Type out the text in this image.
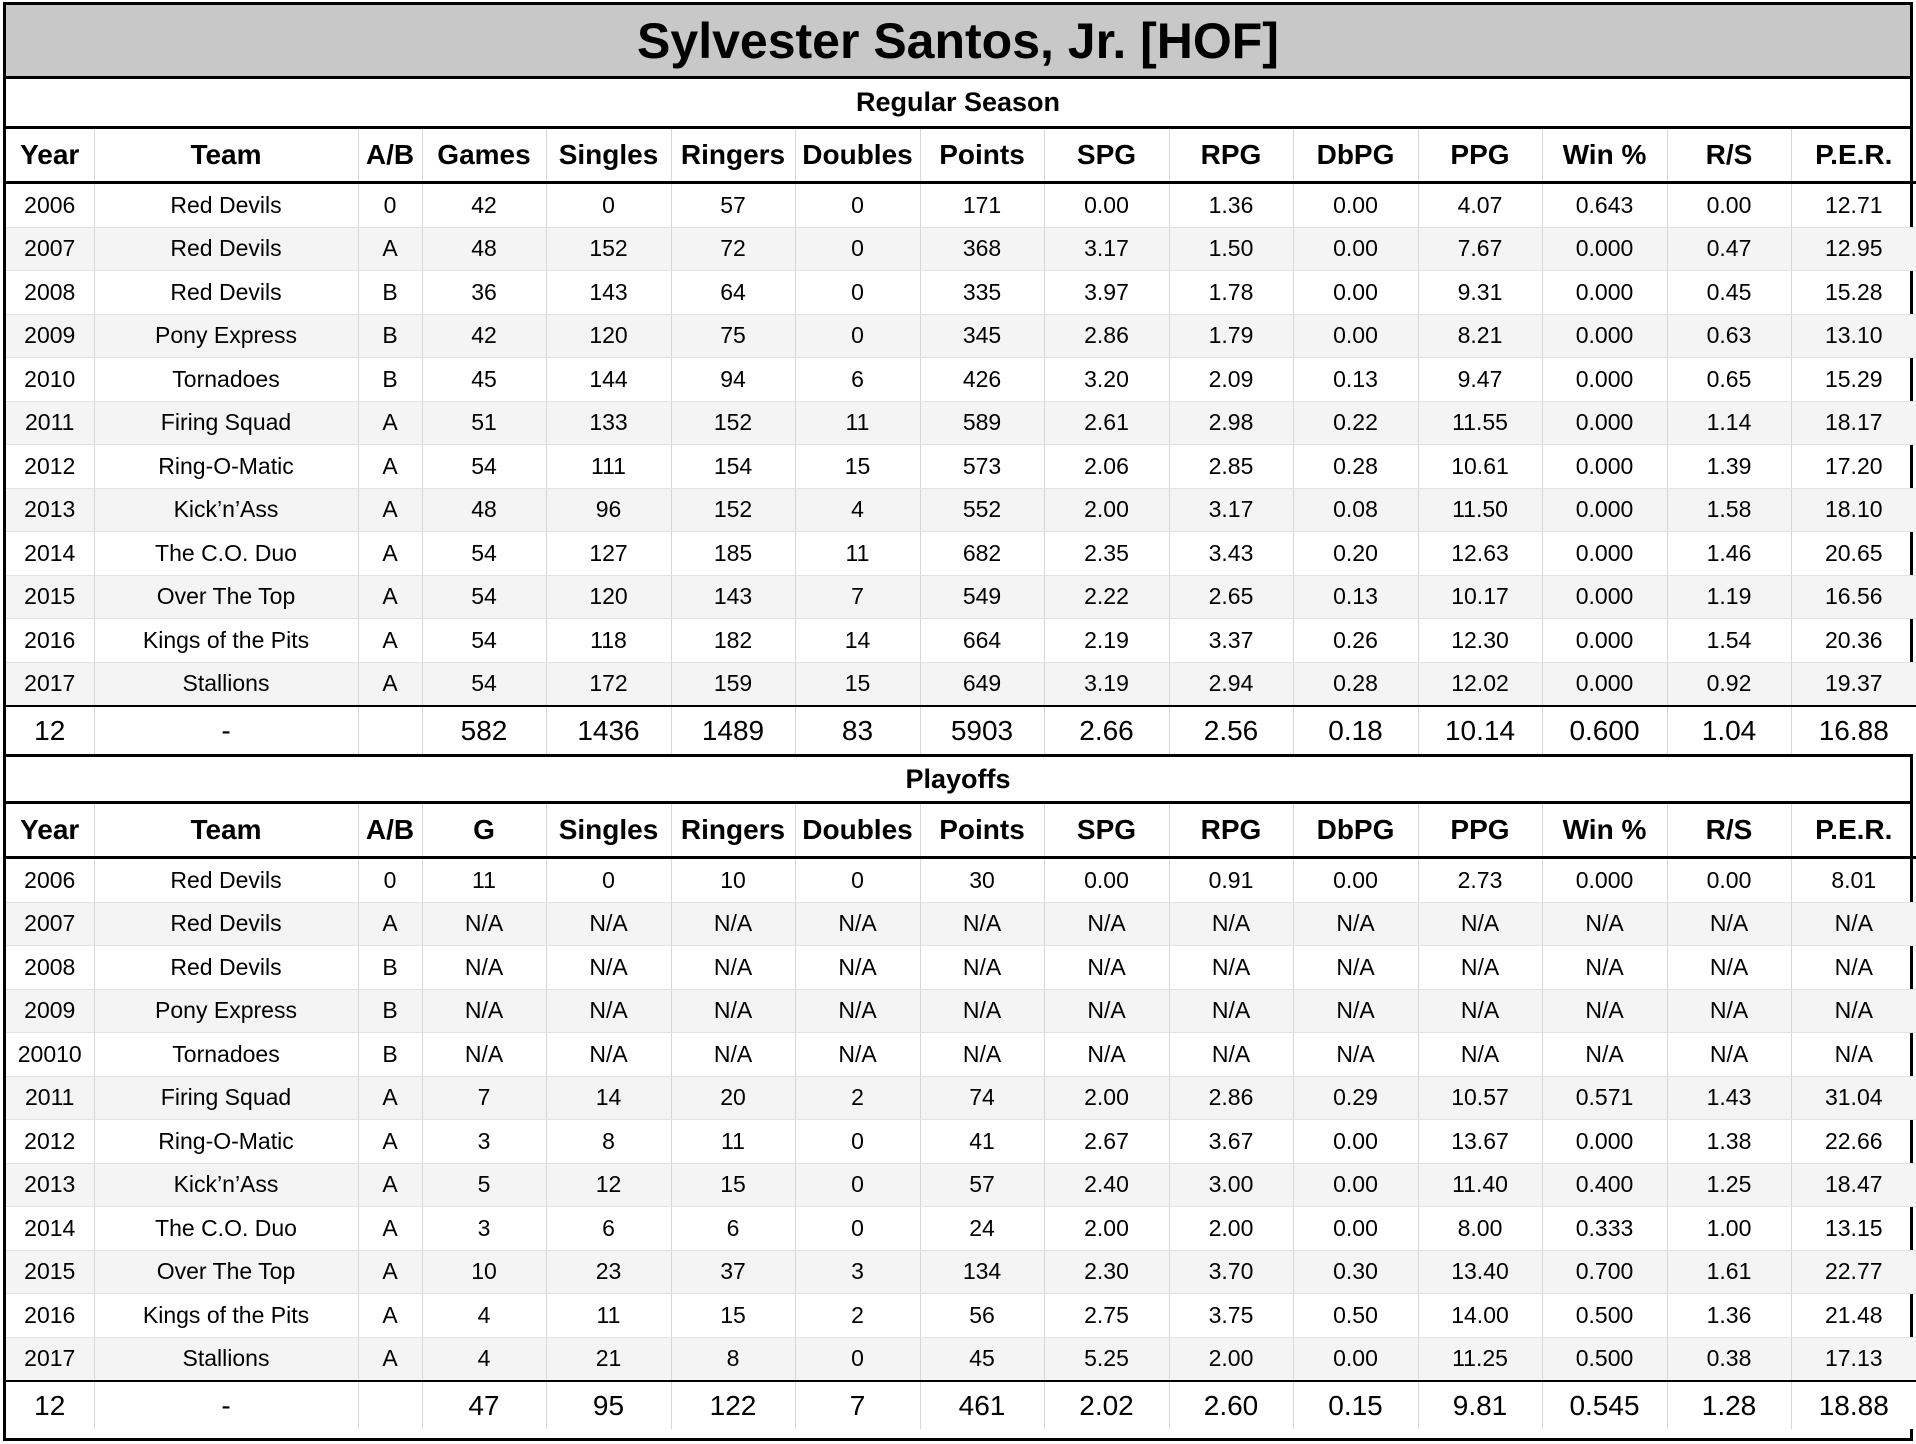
Sylvester Santos, Jr. [HOF]
Regular Season
Year	Team	A/B	Games	Singles	Ringers	Doubles	Points	SPG	RPG	DbPG	PPG	Win %	R/S	P.E.R.
2006	Red Devils	0	42	0	57	0	171	0.00	1.36	0.00	4.07	0.643	0.00	12.71
2007	Red Devils	A	48	152	72	0	368	3.17	1.50	0.00	7.67	0.000	0.47	12.95
2008	Red Devils	B	36	143	64	0	335	3.97	1.78	0.00	9.31	0.000	0.45	15.28
2009	Pony Express	B	42	120	75	0	345	2.86	1.79	0.00	8.21	0.000	0.63	13.10
2010	Tornadoes	B	45	144	94	6	426	3.20	2.09	0.13	9.47	0.000	0.65	15.29
2011	Firing Squad	A	51	133	152	11	589	2.61	2.98	0.22	11.55	0.000	1.14	18.17
2012	Ring-O-Matic	A	54	111	154	15	573	2.06	2.85	0.28	10.61	0.000	1.39	17.20
2013	Kick’n’Ass	A	48	96	152	4	552	2.00	3.17	0.08	11.50	0.000	1.58	18.10
2014	The C.O. Duo	A	54	127	185	11	682	2.35	3.43	0.20	12.63	0.000	1.46	20.65
2015	Over The Top	A	54	120	143	7	549	2.22	2.65	0.13	10.17	0.000	1.19	16.56
2016	Kings of the Pits	A	54	118	182	14	664	2.19	3.37	0.26	12.30	0.000	1.54	20.36
2017	Stallions	A	54	172	159	15	649	3.19	2.94	0.28	12.02	0.000	0.92	19.37
12	-		582	1436	1489	83	5903	2.66	2.56	0.18	10.14	0.600	1.04	16.88
Playoffs
Year	Team	A/B	G	Singles	Ringers	Doubles	Points	SPG	RPG	DbPG	PPG	Win %	R/S	P.E.R.
2006	Red Devils	0	11	0	10	0	30	0.00	0.91	0.00	2.73	0.000	0.00	8.01
2007	Red Devils	A	N/A	N/A	N/A	N/A	N/A	N/A	N/A	N/A	N/A	N/A	N/A	N/A
2008	Red Devils	B	N/A	N/A	N/A	N/A	N/A	N/A	N/A	N/A	N/A	N/A	N/A	N/A
2009	Pony Express	B	N/A	N/A	N/A	N/A	N/A	N/A	N/A	N/A	N/A	N/A	N/A	N/A
20010	Tornadoes	B	N/A	N/A	N/A	N/A	N/A	N/A	N/A	N/A	N/A	N/A	N/A	N/A
2011	Firing Squad	A	7	14	20	2	74	2.00	2.86	0.29	10.57	0.571	1.43	31.04
2012	Ring-O-Matic	A	3	8	11	0	41	2.67	3.67	0.00	13.67	0.000	1.38	22.66
2013	Kick’n’Ass	A	5	12	15	0	57	2.40	3.00	0.00	11.40	0.400	1.25	18.47
2014	The C.O. Duo	A	3	6	6	0	24	2.00	2.00	0.00	8.00	0.333	1.00	13.15
2015	Over The Top	A	10	23	37	3	134	2.30	3.70	0.30	13.40	0.700	1.61	22.77
2016	Kings of the Pits	A	4	11	15	2	56	2.75	3.75	0.50	14.00	0.500	1.36	21.48
2017	Stallions	A	4	21	8	0	45	5.25	2.00	0.00	11.25	0.500	0.38	17.13
12	-		47	95	122	7	461	2.02	2.60	0.15	9.81	0.545	1.28	18.88
